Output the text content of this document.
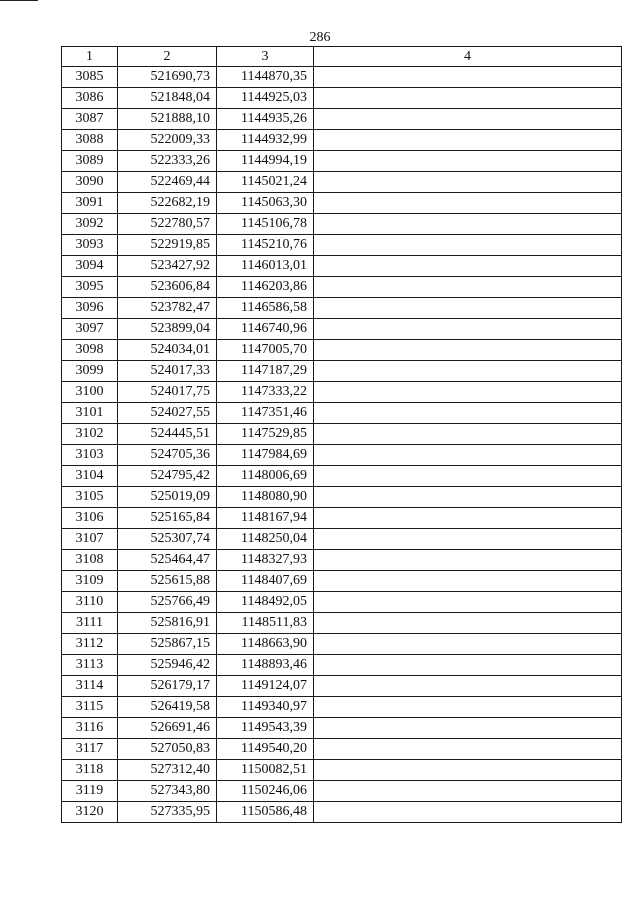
286
1	2	3	4
3085	521690,73	1144870,35	
3086	521848,04	1144925,03	
3087	521888,10	1144935,26	
3088	522009,33	1144932,99	
3089	522333,26	1144994,19	
3090	522469,44	1145021,24	
3091	522682,19	1145063,30	
3092	522780,57	1145106,78	
3093	522919,85	1145210,76	
3094	523427,92	1146013,01	
3095	523606,84	1146203,86	
3096	523782,47	1146586,58	
3097	523899,04	1146740,96	
3098	524034,01	1147005,70	
3099	524017,33	1147187,29	
3100	524017,75	1147333,22	
3101	524027,55	1147351,46	
3102	524445,51	1147529,85	
3103	524705,36	1147984,69	
3104	524795,42	1148006,69	
3105	525019,09	1148080,90	
3106	525165,84	1148167,94	
3107	525307,74	1148250,04	
3108	525464,47	1148327,93	
3109	525615,88	1148407,69	
3110	525766,49	1148492,05	
3111	525816,91	1148511,83	
3112	525867,15	1148663,90	
3113	525946,42	1148893,46	
3114	526179,17	1149124,07	
3115	526419,58	1149340,97	
3116	526691,46	1149543,39	
3117	527050,83	1149540,20	
3118	527312,40	1150082,51	
3119	527343,80	1150246,06	
3120	527335,95	1150586,48	
